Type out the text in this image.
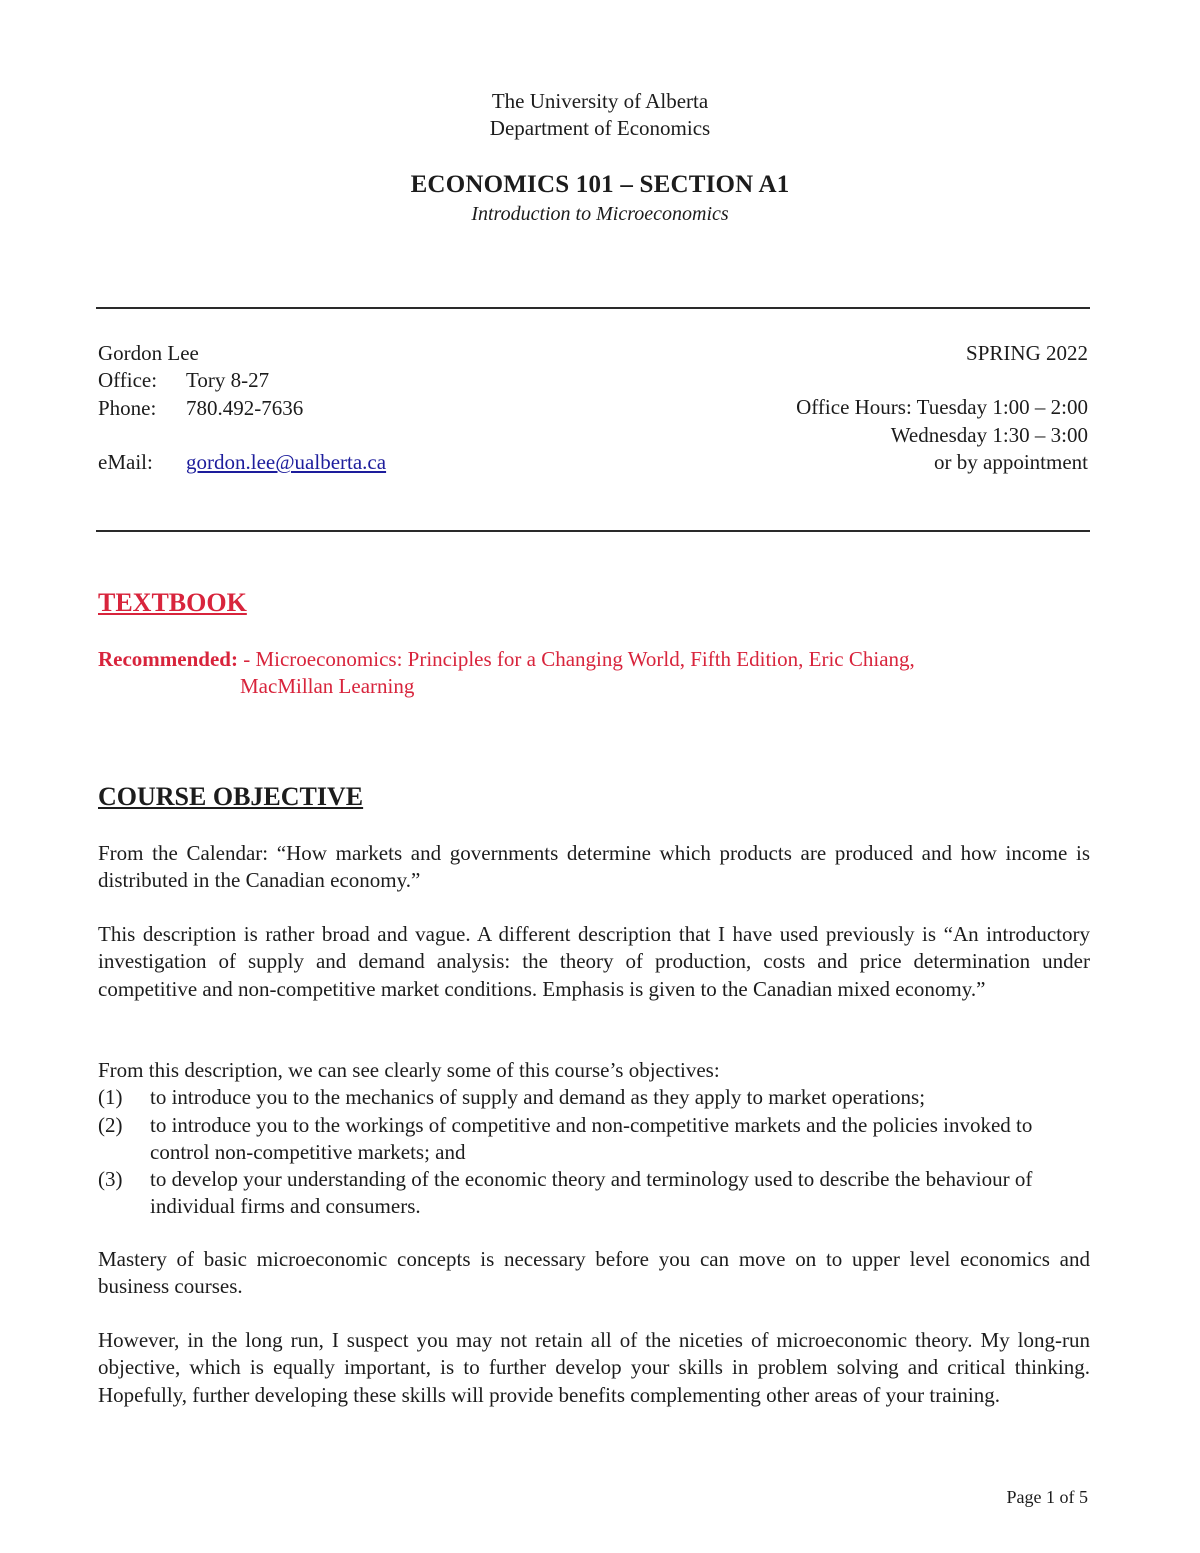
The University of Alberta
Department of Economics
ECONOMICS 101 – SECTION A1
Introduction to Microeconomics
Gordon Lee
Office: Tory 8-27
Phone: 780.492-7636
eMail: gordon.lee@ualberta.ca
SPRING 2022
Office Hours: Tuesday 1:00 – 2:00
Wednesday 1:30 – 3:00
or by appointment
TEXTBOOK
Recommended: - Microeconomics: Principles for a Changing World, Fifth Edition, Eric Chiang,
MacMillan Learning
COURSE OBJECTIVE
From the Calendar: “How markets and governments determine which products are produced and how income is distributed in the Canadian economy.”
This description is rather broad and vague. A different description that I have used previously is “An introductory investigation of supply and demand analysis: the theory of production, costs and price determination under competitive and non-competitive market conditions. Emphasis is given to the Canadian mixed economy.”
From this description, we can see clearly some of this course’s objectives:
(1)	to introduce you to the mechanics of supply and demand as they apply to market operations;
(2)	to introduce you to the workings of competitive and non-competitive markets and the policies invoked to control non-competitive markets; and
(3)	to develop your understanding of the economic theory and terminology used to describe the behaviour of individual firms and consumers.
Mastery of basic microeconomic concepts is necessary before you can move on to upper level economics and business courses.
However, in the long run, I suspect you may not retain all of the niceties of microeconomic theory. My long-run objective, which is equally important, is to further develop your skills in problem solving and critical thinking. Hopefully, further developing these skills will provide benefits complementing other areas of your training.
Page 1 of 5
